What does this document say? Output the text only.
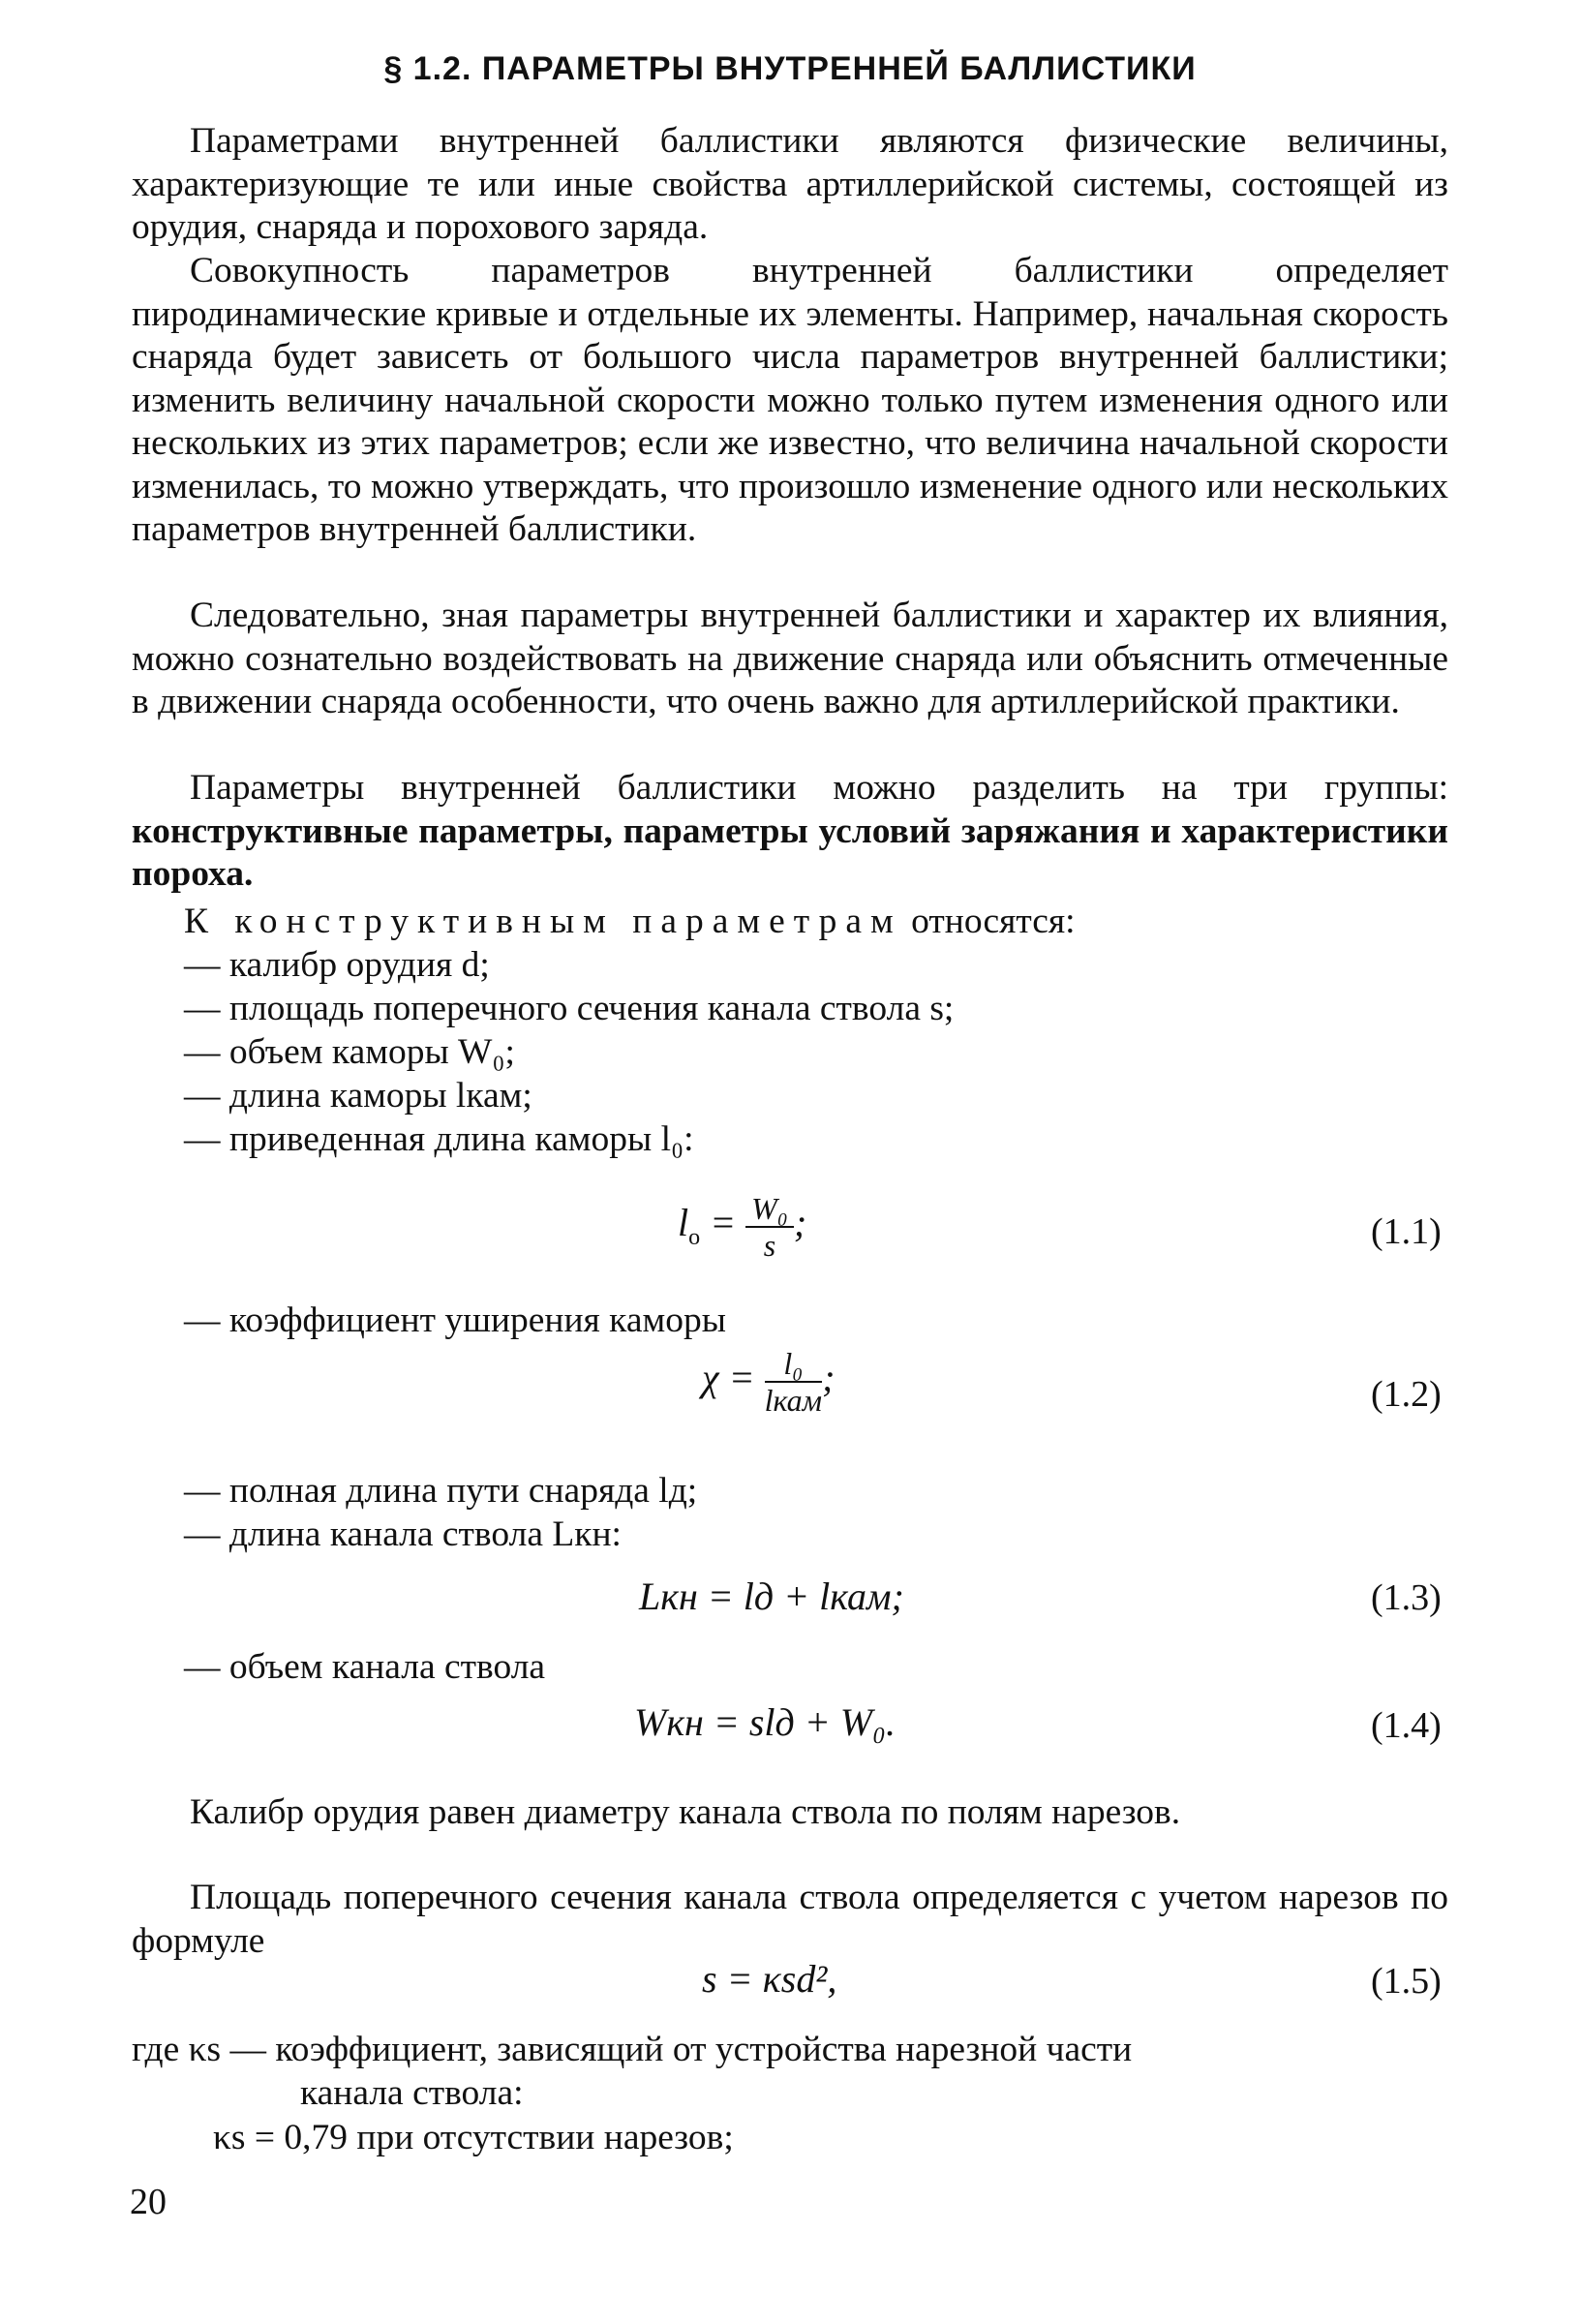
§ 1.2. ПАРАМЕТРЫ ВНУТРЕННЕЙ БАЛЛИСТИКИ

Параметрами внутренней баллистики являются физические величины, характеризующие те или иные свойства артиллерийской системы, состоящей из орудия, снаряда и порохового заряда.

Совокупность параметров внутренней баллистики определяет пиродинамические кривые и отдельные их элементы. Например, начальная скорость снаряда будет зависеть от большого числа параметров внутренней баллистики; изменить величину начальной скорости можно только путем изменения одного или нескольких из этих параметров; если же известно, что величина начальной скорости изменилась, то можно утверждать, что произошло изменение одного или нескольких параметров внутренней баллистики.

Следовательно, зная параметры внутренней баллистики и характер их влияния, можно сознательно воздействовать на движение снаряда или объяснить отмеченные в движении снаряда особенности, что очень важно для артиллерийской практики.

Параметры внутренней баллистики можно разделить на три группы: конструктивные параметры, параметры условий заряжания и характеристики пороха.

К конструктивным параметрам относятся:
— калибр орудия d;
— площадь поперечного сечения канала ствола s;
— объем каморы W₀;
— длина каморы lкам;
— приведенная длина каморы l₀:
$l_о = \frac{\text{W₀}}{s}$ ;	(1.1)
— коэффициент уширения каморы
$\chi = \frac{\text{l₀}}{\text{lкам}}$ ;	(1.2)
— полная длина пути снаряда lд;
— длина канала ствола Lкн:
Lкн = lд + lкам;	(1.3)
— объем канала ствола
Wкн = slд + W₀.	(1.4)

Калибр орудия равен диаметру канала ствола по полям нарезов.

Площадь поперечного сечения канала ствола определяется с учетом нарезов по формуле

s = κsd²,	(1.5)
где κs — коэффициент, зависящий от устройства нарезной части
канала ствола:
κs = 0,79 при отсутствии нарезов;
20
